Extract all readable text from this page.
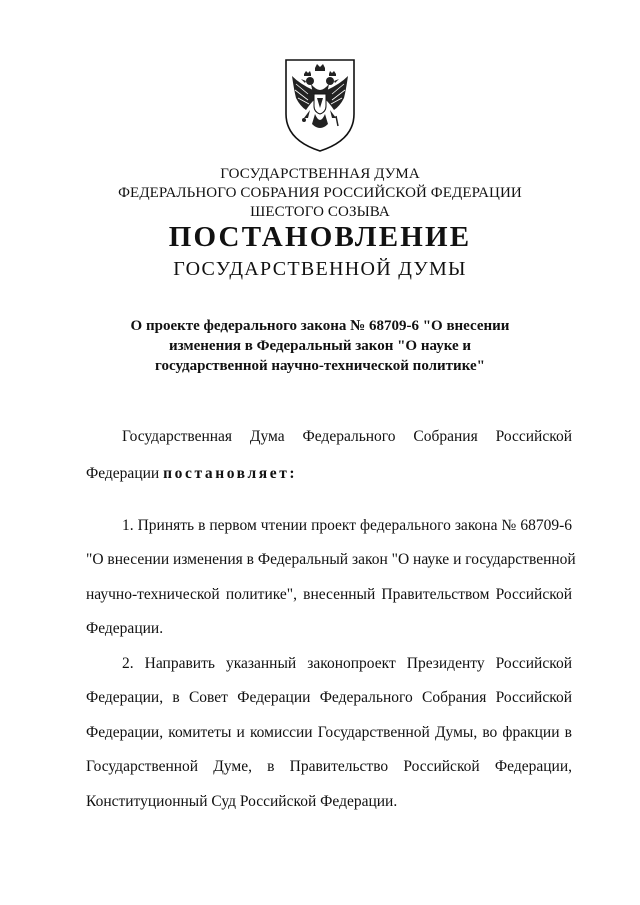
ГОСУДАРСТВЕННАЯ ДУМА
ФЕДЕРАЛЬНОГО СОБРАНИЯ РОССИЙСКОЙ ФЕДЕРАЦИИ
ШЕСТОГО СОЗЫВА
ПОСТАНОВЛЕНИЕ
ГОСУДАРСТВЕННОЙ ДУМЫ
О проекте федерального закона № 68709-6 "О внесении
изменения в Федеральный закон "О науке и
государственной научно-технической политике"
Государственная Дума Федерального Собрания Российской
Федерации постановляет:
1. Принять в первом чтении проект федерального закона № 68709-6
"О внесении изменения в Федеральный закон "О науке и государственной
научно-технической политике", внесенный Правительством Российской
Федерации.
2. Направить указанный законопроект Президенту Российской
Федерации, в Совет Федерации Федерального Собрания Российской
Федерации, комитеты и комиссии Государственной Думы, во фракции в
Государственной Думе, в Правительство Российской Федерации,
Конституционный Суд Российской Федерации.
